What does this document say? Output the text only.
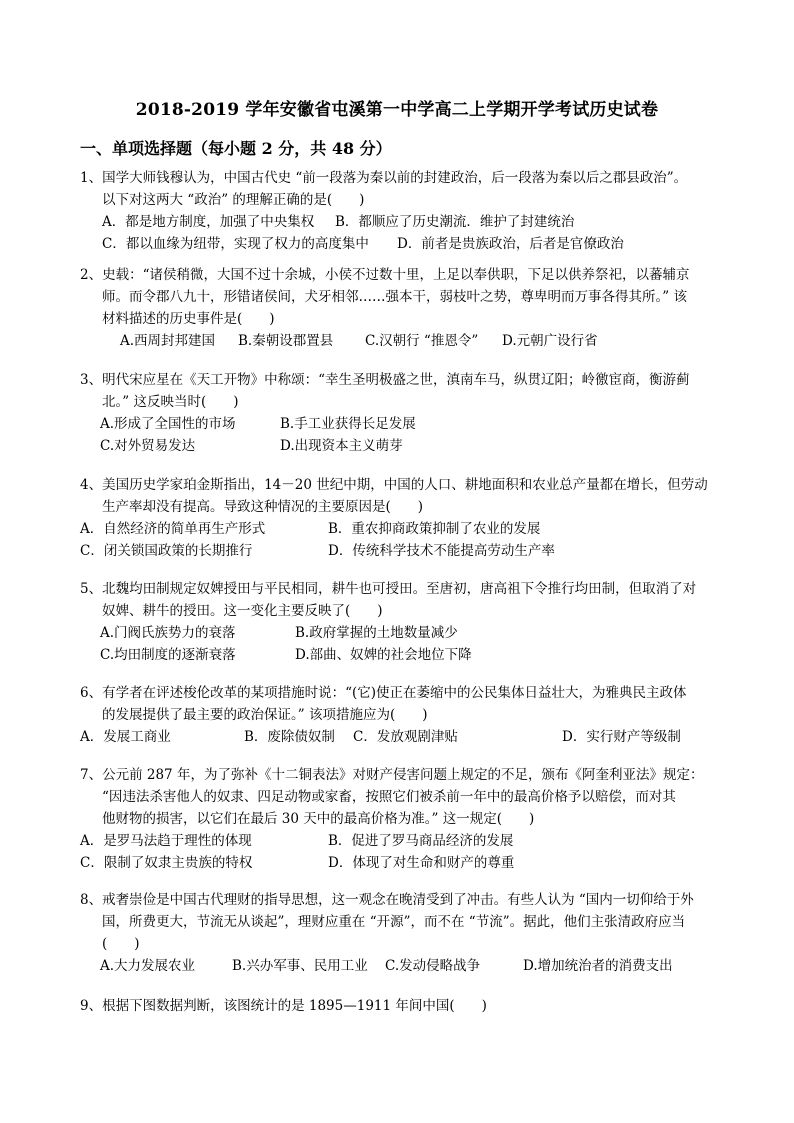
2018-2019 学年安徽省屯溪第一中学高二上学期开学考试历史试卷
一、单项选择题（每小题 2 分，共 48 分）
1、国学大师钱穆认为，中国古代史 “前一段落为秦以前的封建政治，后一段落为秦以后之郡县政治”。
以下对这两大 “政治” 的理解正确的是(　　)
A．都是地方制度，加强了中央集权 B．都顺应了历史潮流．维护了封建统治
C．都以血缘为纽带，实现了权力的高度集中 D．前者是贵族政治，后者是官僚政治
2、史载：“诸侯稍微，大国不过十余城，小侯不过数十里，上足以奉供职，下足以供养祭祀，以蕃辅京
师。而令郡八九十，形错诸侯间，犬牙相邻……强本干，弱枝叶之势，尊卑明而万事各得其所。” 该
材料描述的历史事件是(　　)
A.西周封邦建国 B.秦朝设郡置县 C.汉朝行 “推恩令” D.元朝广设行省
3、明代宋应星在《天工开物》中称颂：“幸生圣明极盛之世，滇南车马，纵贯辽阳；岭徼宦商，衡游蓟
北。” 这反映当时(　　)
A.形成了全国性的市场	B.手工业获得长足发展
C.对外贸易发达	D.出现资本主义萌芽
4、美国历史学家珀金斯指出，14－20 世纪中期，中国的人口、耕地面积和农业总产量都在增长，但劳动
生产率却没有提高。导致这种情况的主要原因是(　　)
A．自然经济的简单再生产形式	B．重农抑商政策抑制了农业的发展
C．闭关锁国政策的长期推行	D．传统科学技术不能提高劳动生产率
5、北魏均田制规定奴婢授田与平民相同，耕牛也可授田。至唐初，唐高祖下令推行均田制，但取消了对
奴婢、耕牛的授田。这一变化主要反映了(　　)
A.门阀氏族势力的衰落	B.政府掌握的土地数量减少
C.均田制度的逐渐衰落	D.部曲、奴婢的社会地位下降
6、有学者在评述梭伦改革的某项措施时说：“(它)使正在萎缩中的公民集体日益壮大，为雅典民主政体
的发展提供了最主要的政治保证。” 该项措施应为(　　)
A．发展工商业	B．废除债奴制 C．发放观剧津贴	D．实行财产等级制
7、公元前 287 年，为了弥补《十二铜表法》对财产侵害问题上规定的不足，颁布《阿奎利亚法》规定：
“因违法杀害他人的奴隶、四足动物或家畜，按照它们被杀前一年中的最高价格予以赔偿，而对其
他财物的损害，以它们在最后 30 天中的最高价格为准。” 这一规定(　　)
A．是罗马法趋于理性的体现	B．促进了罗马商品经济的发展
C．限制了奴隶主贵族的特权	D．体现了对生命和财产的尊重
8、戒奢崇俭是中国古代理财的指导思想，这一观念在晚清受到了冲击。有些人认为 “国内一切仰给于外
国，所费更大，节流无从谈起”，理财应重在 “开源”，而不在 “节流”。据此，他们主张清政府应当
(　　)
A.大力发展农业	B.兴办军事、民用工业 C.发动侵略战争	D.增加统治者的消费支出
9、根据下图数据判断，该图统计的是 1895—1911 年间中国(　　)
